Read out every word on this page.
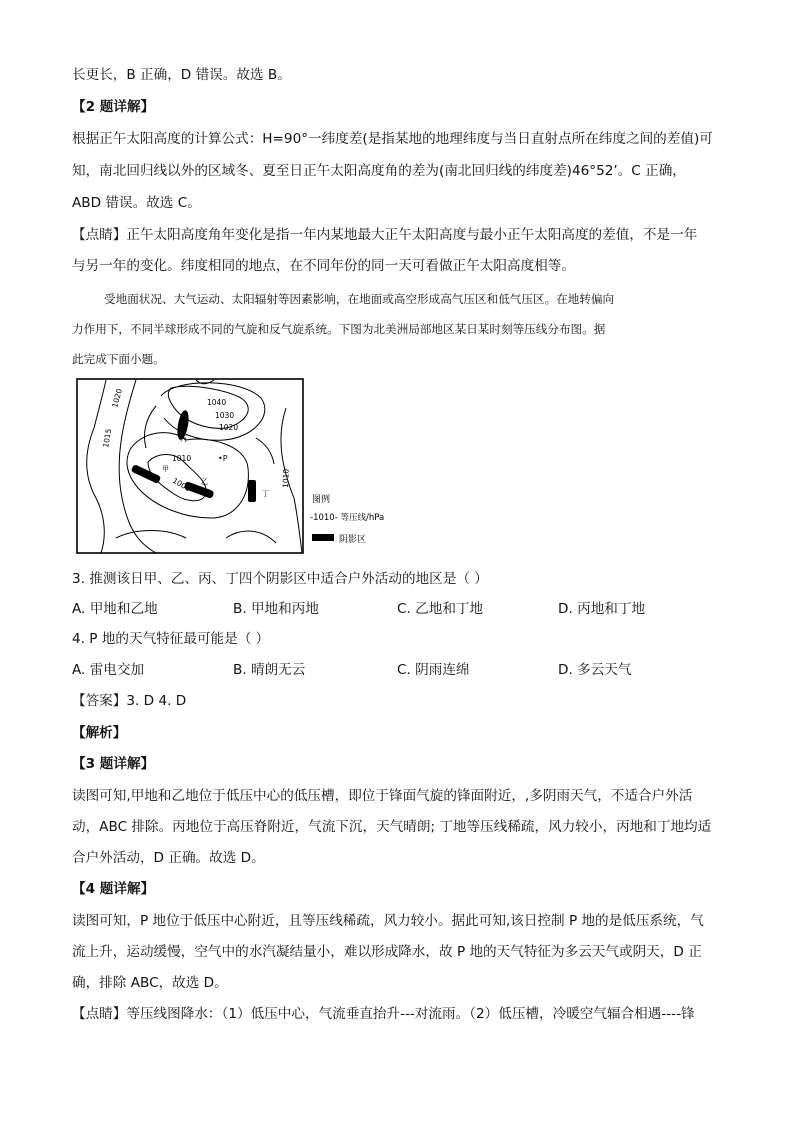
长更长，B 正确，D 错误。故选 B。
【2 题详解】
根据正午太阳高度的计算公式：H=90°一纬度差(是指某地的地理纬度与当日直射点所在纬度之间的差值)可
知，南北回归线以外的区域冬、夏至日正午太阳高度角的差为(南北回归线的纬度差)46°52’。C 正确，
ABD 错误。故选 C。
【点睛】正午太阳高度角年变化是指一年内某地最大正午太阳高度与最小正午太阳高度的差值，不是一年
与另一年的变化。纬度相同的地点，在不同年份的同一天可看做正午太阳高度相等。
受地面状况、大气运动、太阳辐射等因素影响，在地面或高空形成高气压区和低气压区。在地转偏向
力作用下，不同半球形成不同的气旋和反气旋系统。下图为北美洲局部地区某日某时刻等压线分布图。据
此完成下面小题。
1040
1030
1020
1020
1015
1010
1000	1010
•P
甲
乙
丙
丁
图例
-1010- 等压线/hPa
阴影区
3. 推测该日甲、乙、丙、丁四个阴影区中适合户外活动的地区是（ ）
A. 甲地和乙地	B. 甲地和丙地	C. 乙地和丁地	D. 丙地和丁地
4. P 地的天气特征最可能是（ ）
A. 雷电交加	B. 晴朗无云	C. 阴雨连绵	D. 多云天气
【答案】3. D 4. D
【解析】
【3 题详解】
读图可知,甲地和乙地位于低压中心的低压槽，即位于锋面气旋的锋面附近，,多阴雨天气，不适合户外活
动，ABC 排除。丙地位于高压脊附近，气流下沉，天气晴朗; 丁地等压线稀疏，风力较小，丙地和丁地均适
合户外活动，D 正确。故选 D。
【4 题详解】
读图可知，P 地位于低压中心附近，且等压线稀疏，风力较小。据此可知,该日控制 P 地的是低压系统，气
流上升，运动缓慢，空气中的水汽凝结量小，难以形成降水，故 P 地的天气特征为多云天气或阴天，D 正
确，排除 ABC，故选 D。
【点睛】等压线图降水：（1）低压中心，气流垂直抬升---对流雨。（2）低压槽，冷暖空气辐合相遇----锋
